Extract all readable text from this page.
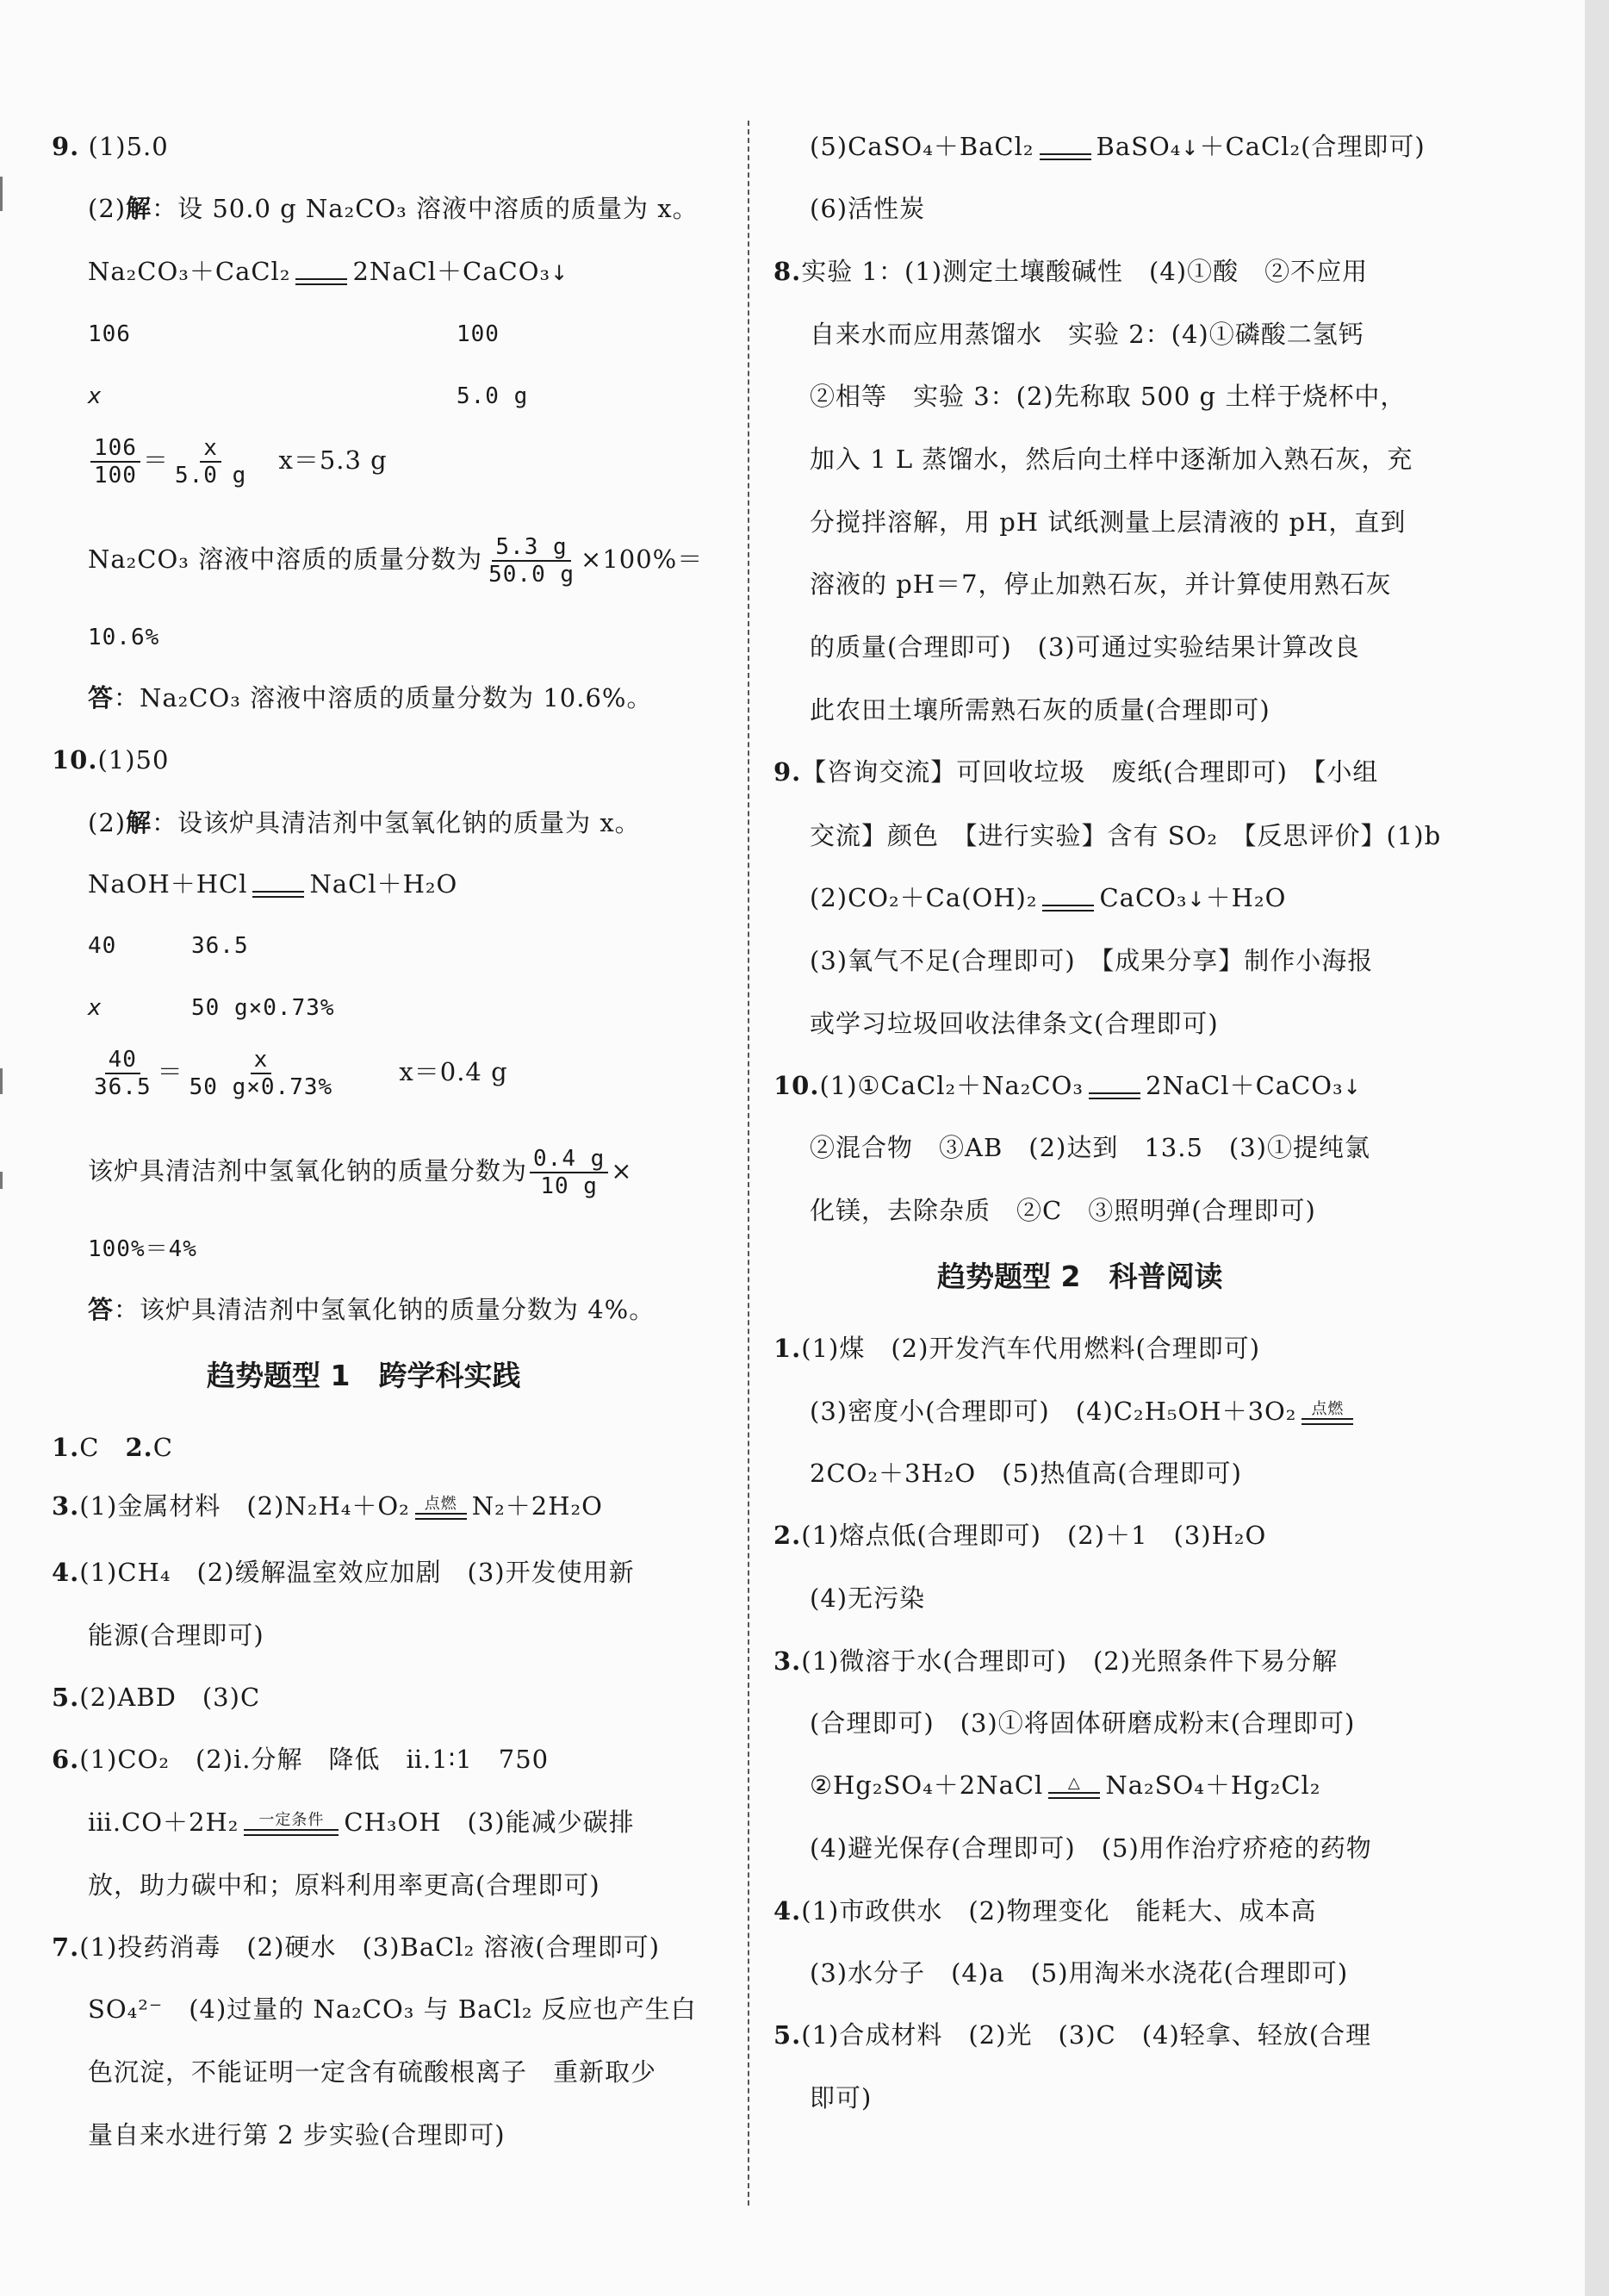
9. (1)5.0
(2)解：设 50.0 g Na₂CO₃ 溶液中溶质的质量为 x。
Na₂CO₃＋CaCl₂ 2NaCl＋CaCO₃↓
106	100
x	5.0 g
$\frac{106}{100} = \frac{x}{5.0 g} x=5.3$ g
Na₂CO₃ 溶液中溶质的质量分数为 $\frac{5.3 g}{50.0 g} \times 100\%=$
10.6%
答：Na₂CO₃ 溶液中溶质的质量分数为 10.6%。
10.(1)50
(2)解：设该炉具清洁剂中氢氧化钠的质量为 x。
NaOH＋HCl NaCl＋H₂O
40	36.5
x	50 g×0.73%
$\frac{40}{36.5} = \frac{x}{50 g\times 0.73\%}$	x＝0.4 g
该炉具清洁剂中氢氧化钠的质量分数为 $\frac{0.4 g}{10 g}$ ×
100%＝4%
答：该炉具清洁剂中氢氧化钠的质量分数为 4%。
趋势题型 1　跨学科实践
1.C　2.C
3.(1)金属材料　(2)N₂H₄＋O₂ 点燃 N₂＋2H₂O
4.(1)CH₄　(2)缓解温室效应加剧　(3)开发使用新
能源(合理即可)
5.(2)ABD　(3)C
6.(1)CO₂　(2)ⅰ.分解　降低　ⅱ.1∶1　750
ⅲ.CO＋2H₂ 一定条件 CH₃OH　(3)能减少碳排
放，助力碳中和；原料利用率更高(合理即可)
7.(1)投药消毒　(2)硬水　(3)BaCl₂ 溶液(合理即可)
SO₄²⁻　(4)过量的 Na₂CO₃ 与 BaCl₂ 反应也产生白
色沉淀，不能证明一定含有硫酸根离子　重新取少
量自来水进行第 2 步实验(合理即可)
(5)CaSO₄＋BaCl₂ BaSO₄↓＋CaCl₂(合理即可)
(6)活性炭
8.实验 1：(1)测定土壤酸碱性　(4)①酸　②不应用
自来水而应用蒸馏水　实验 2：(4)①磷酸二氢钙
②相等　实验 3：(2)先称取 500 g 土样于烧杯中，
加入 1 L 蒸馏水，然后向土样中逐渐加入熟石灰，充
分搅拌溶解，用 pH 试纸测量上层清液的 pH，直到
溶液的 pH＝7，停止加熟石灰，并计算使用熟石灰
的质量(合理即可)　(3)可通过实验结果计算改良
此农田土壤所需熟石灰的质量(合理即可)
9.【咨询交流】可回收垃圾　废纸(合理即可)　【小组
交流】颜色　【进行实验】含有 SO₂　【反思评价】(1)b
(2)CO₂＋Ca(OH)₂ CaCO₃↓＋H₂O
(3)氧气不足(合理即可)　【成果分享】制作小海报
或学习垃圾回收法律条文(合理即可)
10.(1)①CaCl₂＋Na₂CO₃ 2NaCl＋CaCO₃↓
②混合物　③AB　(2)达到　13.5　(3)①提纯氯
化镁，去除杂质　②C　③照明弹(合理即可)
趋势题型 2　科普阅读
1.(1)煤　(2)开发汽车代用燃料(合理即可)
(3)密度小(合理即可)　(4)C₂H₅OH＋3O₂ 点燃
2CO₂＋3H₂O　(5)热值高(合理即可)
2.(1)熔点低(合理即可)　(2)＋1　(3)H₂O
(4)无污染
3.(1)微溶于水(合理即可)　(2)光照条件下易分解
(合理即可)　(3)①将固体研磨成粉末(合理即可)
②Hg₂SO₄＋2NaCl △ Na₂SO₄＋Hg₂Cl₂
(4)避光保存(合理即可)　(5)用作治疗疥疮的药物
4.(1)市政供水　(2)物理变化　能耗大、成本高
(3)水分子　(4)a　(5)用淘米水浇花(合理即可)
5.(1)合成材料　(2)光　(3)C　(4)轻拿、轻放(合理
即可)
